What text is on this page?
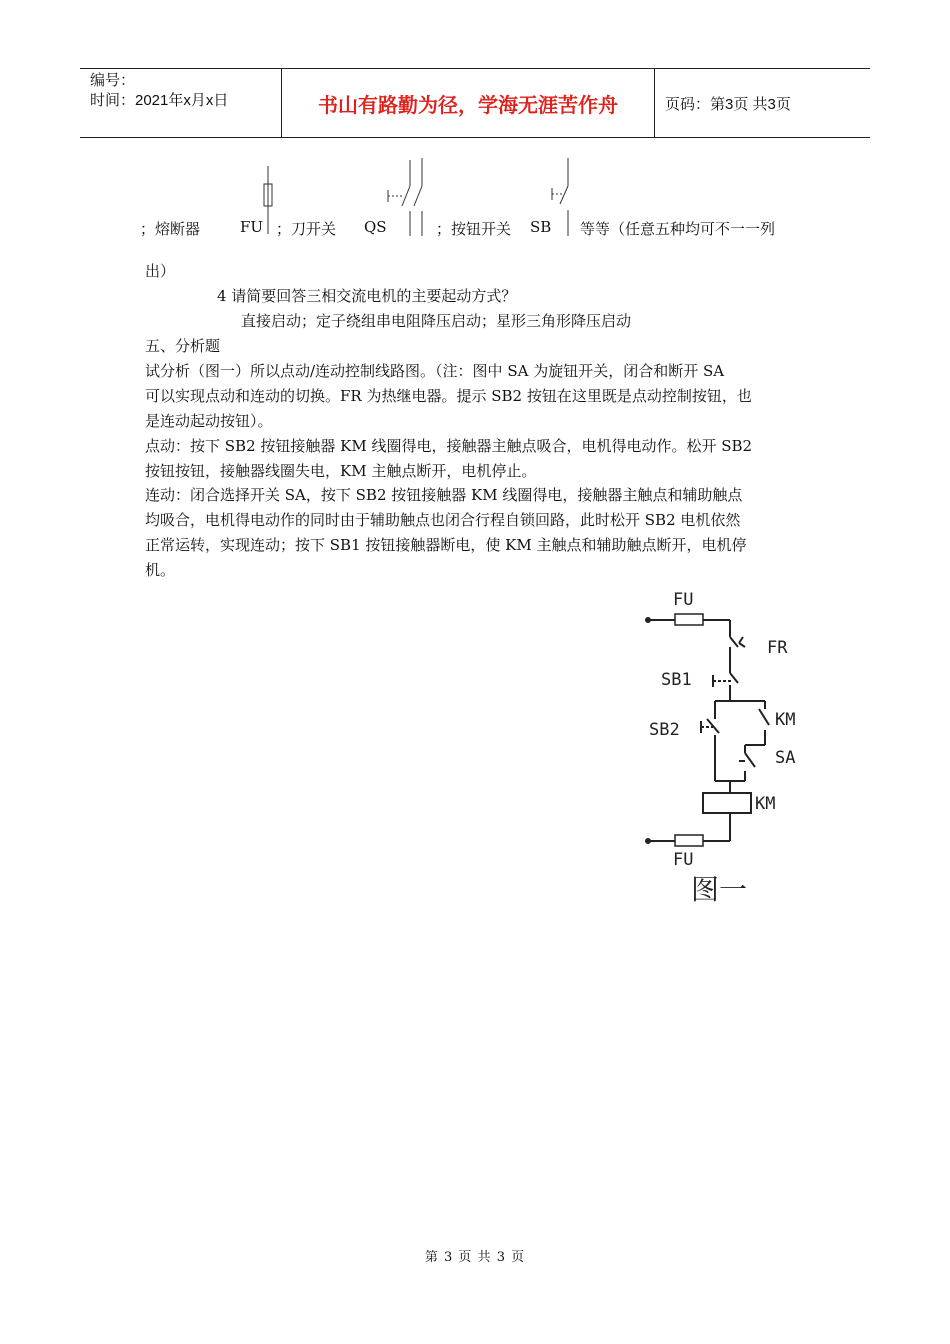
编号：
时间：2021年x月x日	书山有路勤为径，学海无涯苦作舟	页码：第3页 共3页
；熔断器	FU ；刀开关 QS	；按钮开关 SB 等等（任意五种均可不一一列
出）
4 请简要回答三相交流电机的主要起动方式？
直接启动；定子绕组串电阻降压启动；星形三角形降压启动
五、分析题
试分析（图一）所以点动/连动控制线路图。（注：图中 SA 为旋钮开关，闭合和断开 SA
可以实现点动和连动的切换。FR 为热继电器。提示 SB2 按钮在这里既是点动控制按钮，也
是连动起动按钮）。
点动：按下 SB2 按钮接触器 KM 线圈得电，接触器主触点吸合，电机得电动作。松开 SB2
按钮按钮，接触器线圈失电，KM 主触点断开，电机停止。
连动：闭合选择开关 SA，按下 SB2 按钮接触器 KM 线圈得电，接触器主触点和辅助触点
均吸合，电机得电动作的同时由于辅助触点也闭合行程自锁回路，此时松开 SB2 电机依然
正常运转，实现连动；按下 SB1 按钮接触器断电，使 KM 主触点和辅助触点断开，电机停
机。
FU
FR
SB1
KM
SB2
SA
KM
FU
图一
第 3 页 共 3 页
